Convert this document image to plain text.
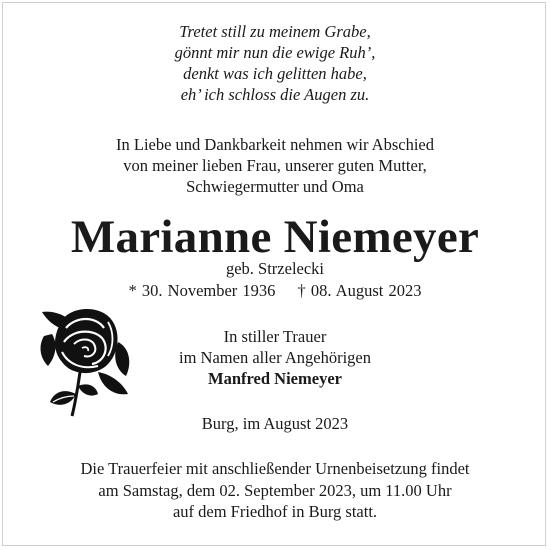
Tretet still zu meinem Grabe,
gönnt mir nun die ewige Ruh’,
denkt was ich gelitten habe,
eh’ ich schloss die Augen zu.
In Liebe und Dankbarkeit nehmen wir Abschied
von meiner lieben Frau, unserer guten Mutter,
Schwiegermutter und Oma
Marianne Niemeyer
geb. Strzelecki
* 30. November 1936 † 08. August 2023
In stiller Trauer
im Namen aller Angehörigen
Manfred Niemeyer
Burg, im August 2023
Die Trauerfeier mit anschließender Urnenbeisetzung findet
am Samstag, dem 02. September 2023, um 11.00 Uhr
auf dem Friedhof in Burg statt.
